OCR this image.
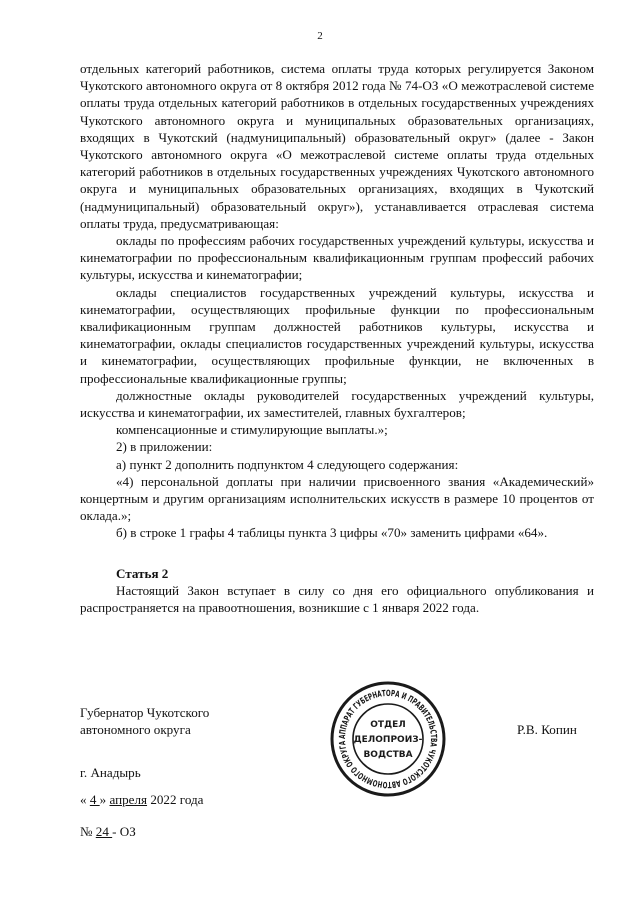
2

отдельных категорий работников, система оплаты труда которых регулируется Законом Чукотского автономного округа от 8 октября 2012 года № 74-ОЗ «О межотраслевой системе оплаты труда отдельных категорий работников в отдельных государственных учреждениях Чукотского автономного округа и муниципальных образовательных организациях, входящих в Чукотский (надмуниципальный) образовательный округ» (далее - Закон Чукотского автономного округа «О межотраслевой системе оплаты труда отдельных категорий работников в отдельных государственных учреждениях Чукотского автономного округа и муниципальных образовательных организациях, входящих в Чукотский (надмуниципальный) образовательный округ»), устанавливается отраслевая система оплаты труда, предусматривающая:

оклады по профессиям рабочих государственных учреждений культуры, искусства и кинематографии по профессиональным квалификационным группам профессий рабочих культуры, искусства и кинематографии;

оклады специалистов государственных учреждений культуры, искусства и кинематографии, осуществляющих профильные функции по профессиональным квалификационным группам должностей работников культуры, искусства и кинематографии, оклады специалистов государственных учреждений культуры, искусства и кинематографии, осуществляющих профильные функции, не включенных в профессиональные квалификационные группы;

должностные оклады руководителей государственных учреждений культуры, искусства и кинематографии, их заместителей, главных бухгалтеров;

компенсационные и стимулирующие выплаты.»;

2) в приложении:

а) пункт 2 дополнить подпунктом 4 следующего содержания:

«4) персональной доплаты при наличии присвоенного звания «Академический» концертным и другим организациям исполнительских искусств в размере 10 процентов от оклада.»;

б) в строке 1 графы 4 таблицы пункта 3 цифры «70» заменить цифрами «64».

Статья 2

Настоящий Закон вступает в силу со дня его официального опубликования и распространяется на правоотношения, возникшие с 1 января 2022 года.

Губернатор Чукотского
автономного округа	Р.В. Копин
г. Анадырь
« 4 » апреля 2022 года
№ 24 - ОЗ
АППАРАТ ГУБЕРНАТОРА И ПРАВИТЕЛЬСТВА ЧУКОТСКОГО АВТОНОМНОГО ОКРУГА
ОТДЕЛ
ДЕЛОПРОИЗ-
ВОДСТВА
